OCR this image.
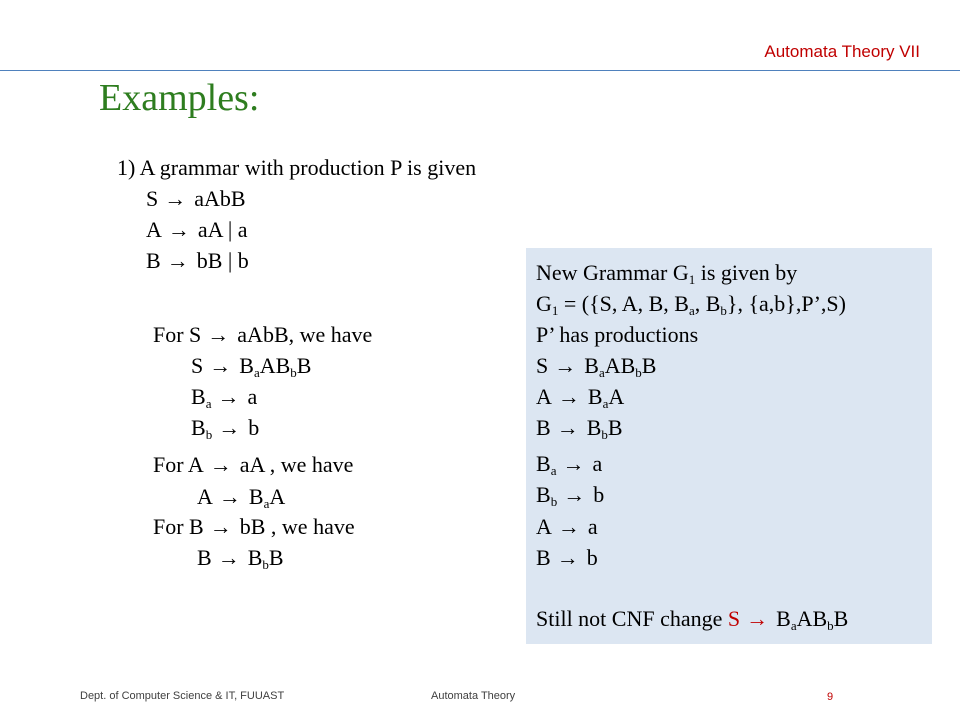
Automata Theory VII
Examples:
1) A grammar with production P is given
S → aAbB
A → aA | a
B → bB | b
For S → aAbB, we have
$S \to B_aAB_bB$
$B_a \to a$
$B_b \to b$
For A → aA , we have
$A \to B_aA$
For B → bB , we have
$B \to B_bB$
New Grammar $G_1$ is given by
$G_1 = (\{S$, A, B, $B_a$, $B_b$}, {a,b},P’,S)
P’ has productions
$S \to B_aAB_bB$
$A \to B_aA$
$B \to B_bB$
$B_a \to a$
$B_b \to b$
A → a
B → b
Still not CNF change $S \to B_aAB_bB$
Dept. of Computer Science & IT, FUUAST	Automata Theory	9
